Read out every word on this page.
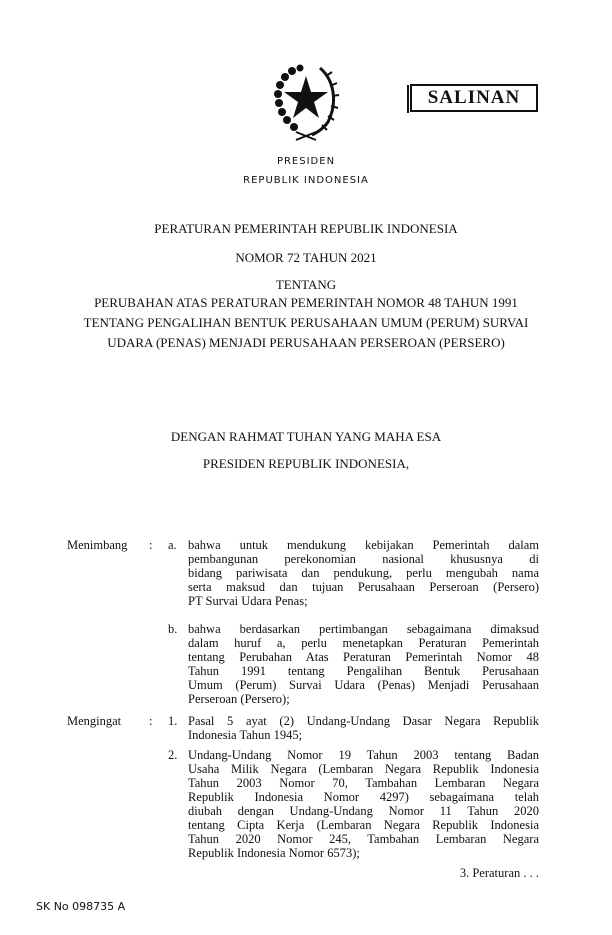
SALINAN
PRESIDEN
REPUBLIK INDONESIA
PERATURAN PEMERINTAH REPUBLIK INDONESIA
NOMOR 72 TAHUN 2021
TENTANG
PERUBAHAN ATAS PERATURAN PEMERINTAH NOMOR 48 TAHUN 1991
TENTANG PENGALIHAN BENTUK PERUSAHAAN UMUM (PERUM) SURVAI
UDARA (PENAS) MENJADI PERUSAHAAN PERSEROAN (PERSERO)
DENGAN RAHMAT TUHAN YANG MAHA ESA
PRESIDEN REPUBLIK INDONESIA,
Menimbang : a. bahwa untuk mendukung kebijakan Pemerintah dalam
pembangunan perekonomian nasional khususnya di
bidang pariwisata dan pendukung, perlu mengubah nama
serta maksud dan tujuan Perusahaan Perseroan (Persero)
PT Survai Udara Penas;
b. bahwa berdasarkan pertimbangan sebagaimana dimaksud
dalam huruf a, perlu menetapkan Peraturan Pemerintah
tentang Perubahan Atas Peraturan Pemerintah Nomor 48
Tahun 1991 tentang Pengalihan Bentuk Perusahaan
Umum (Perum) Survai Udara (Penas) Menjadi Perusahaan
Perseroan (Persero);
Mengingat : 1. Pasal 5 ayat (2) Undang-Undang Dasar Negara Republik
Indonesia Tahun 1945;
2. Undang-Undang Nomor 19 Tahun 2003 tentang Badan
Usaha Milik Negara (Lembaran Negara Republik Indonesia
Tahun 2003 Nomor 70, Tambahan Lembaran Negara
Republik Indonesia Nomor 4297) sebagaimana telah
diubah dengan Undang-Undang Nomor 11 Tahun 2020
tentang Cipta Kerja (Lembaran Negara Republik Indonesia
Tahun 2020 Nomor 245, Tambahan Lembaran Negara
Republik Indonesia Nomor 6573);
3. Peraturan . . .
SK No 098735 A
